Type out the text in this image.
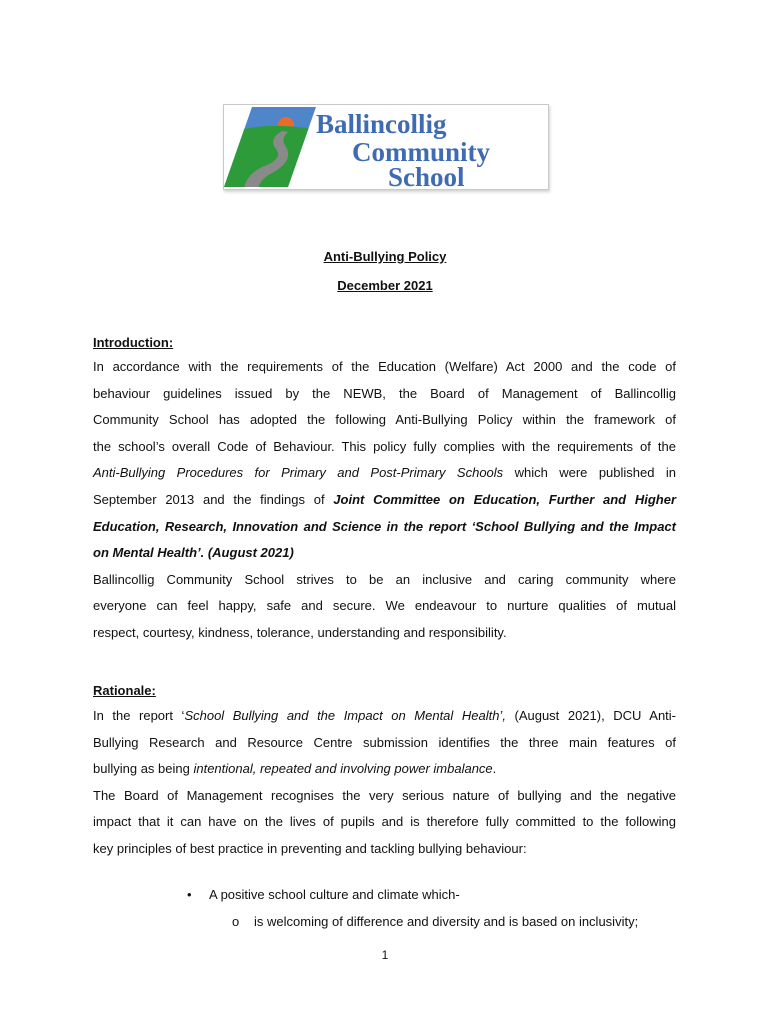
Ballincollig
Community
School
Anti-Bullying Policy
December 2021
Introduction:
In accordance with the requirements of the Education (Welfare) Act 2000 and the code of
behaviour guidelines issued by the NEWB, the Board of Management of Ballincollig
Community School has adopted the following Anti-Bullying Policy within the framework of
the school’s overall Code of Behaviour. This policy fully complies with the requirements of the
Anti-Bullying Procedures for Primary and Post-Primary Schools which were published in
September 2013 and the findings of Joint Committee on Education, Further and Higher
Education, Research, Innovation and Science in the report ‘School Bullying and the Impact
on Mental Health’. (August 2021)
Ballincollig Community School strives to be an inclusive and caring community where
everyone can feel happy, safe and secure. We endeavour to nurture qualities of mutual
respect, courtesy, kindness, tolerance, understanding and responsibility.
Rationale:
In the report ‘School Bullying and the Impact on Mental Health’, (August 2021), DCU Anti-
Bullying Research and Resource Centre submission identifies the three main features of
bullying as being intentional, repeated and involving power imbalance.
The Board of Management recognises the very serious nature of bullying and the negative
impact that it can have on the lives of pupils and is therefore fully committed to the following
key principles of best practice in preventing and tackling bullying behaviour:
• A positive school culture and climate which-
o is welcoming of difference and diversity and is based on inclusivity;
1
